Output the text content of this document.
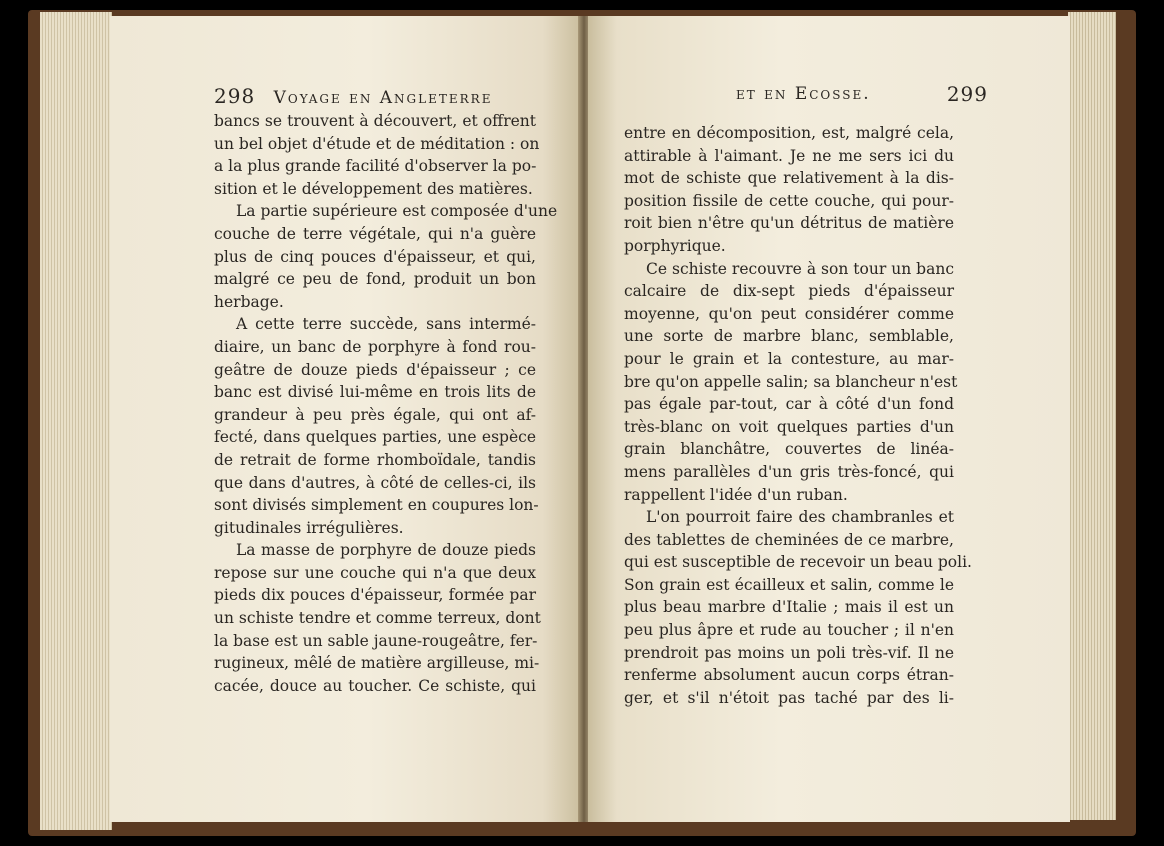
298 Voyage en Angleterre
bancs se trouvent à découvert, et offrent
un bel objet d'étude et de méditation : on
a la plus grande facilité d'observer la po-
sition et le développement des matières.
La partie supérieure est composée d'une
couche de terre végétale, qui n'a guère
plus de cinq pouces d'épaisseur, et qui,
malgré ce peu de fond, produit un bon
herbage.
A cette terre succède, sans intermé-
diaire, un banc de porphyre à fond rou-
geâtre de douze pieds d'épaisseur ; ce
banc est divisé lui-même en trois lits de
grandeur à peu près égale, qui ont af-
fecté, dans quelques parties, une espèce
de retrait de forme rhomboïdale, tandis
que dans d'autres, à côté de celles-ci, ils
sont divisés simplement en coupures lon-
gitudinales irrégulières.
La masse de porphyre de douze pieds
repose sur une couche qui n'a que deux
pieds dix pouces d'épaisseur, formée par
un schiste tendre et comme terreux, dont
la base est un sable jaune-rougeâtre, fer-
rugineux, mêlé de matière argilleuse, mi-
cacée, douce au toucher. Ce schiste, qui
et en Ecosse.	299
entre en décomposition, est, malgré cela,
attirable à l'aimant. Je ne me sers ici du
mot de schiste que relativement à la dis-
position fissile de cette couche, qui pour-
roit bien n'être qu'un détritus de matière
porphyrique.
Ce schiste recouvre à son tour un banc
calcaire de dix-sept pieds d'épaisseur
moyenne, qu'on peut considérer comme
une sorte de marbre blanc, semblable,
pour le grain et la contesture, au mar-
bre qu'on appelle salin; sa blancheur n'est
pas égale par-tout, car à côté d'un fond
très-blanc on voit quelques parties d'un
grain blanchâtre, couvertes de linéa-
mens parallèles d'un gris très-foncé, qui
rappellent l'idée d'un ruban.
L'on pourroit faire des chambranles et
des tablettes de cheminées de ce marbre,
qui est susceptible de recevoir un beau poli.
Son grain est écailleux et salin, comme le
plus beau marbre d'Italie ; mais il est un
peu plus âpre et rude au toucher ; il n'en
prendroit pas moins un poli très-vif. Il ne
renferme absolument aucun corps étran-
ger, et s'il n'étoit pas taché par des li-
